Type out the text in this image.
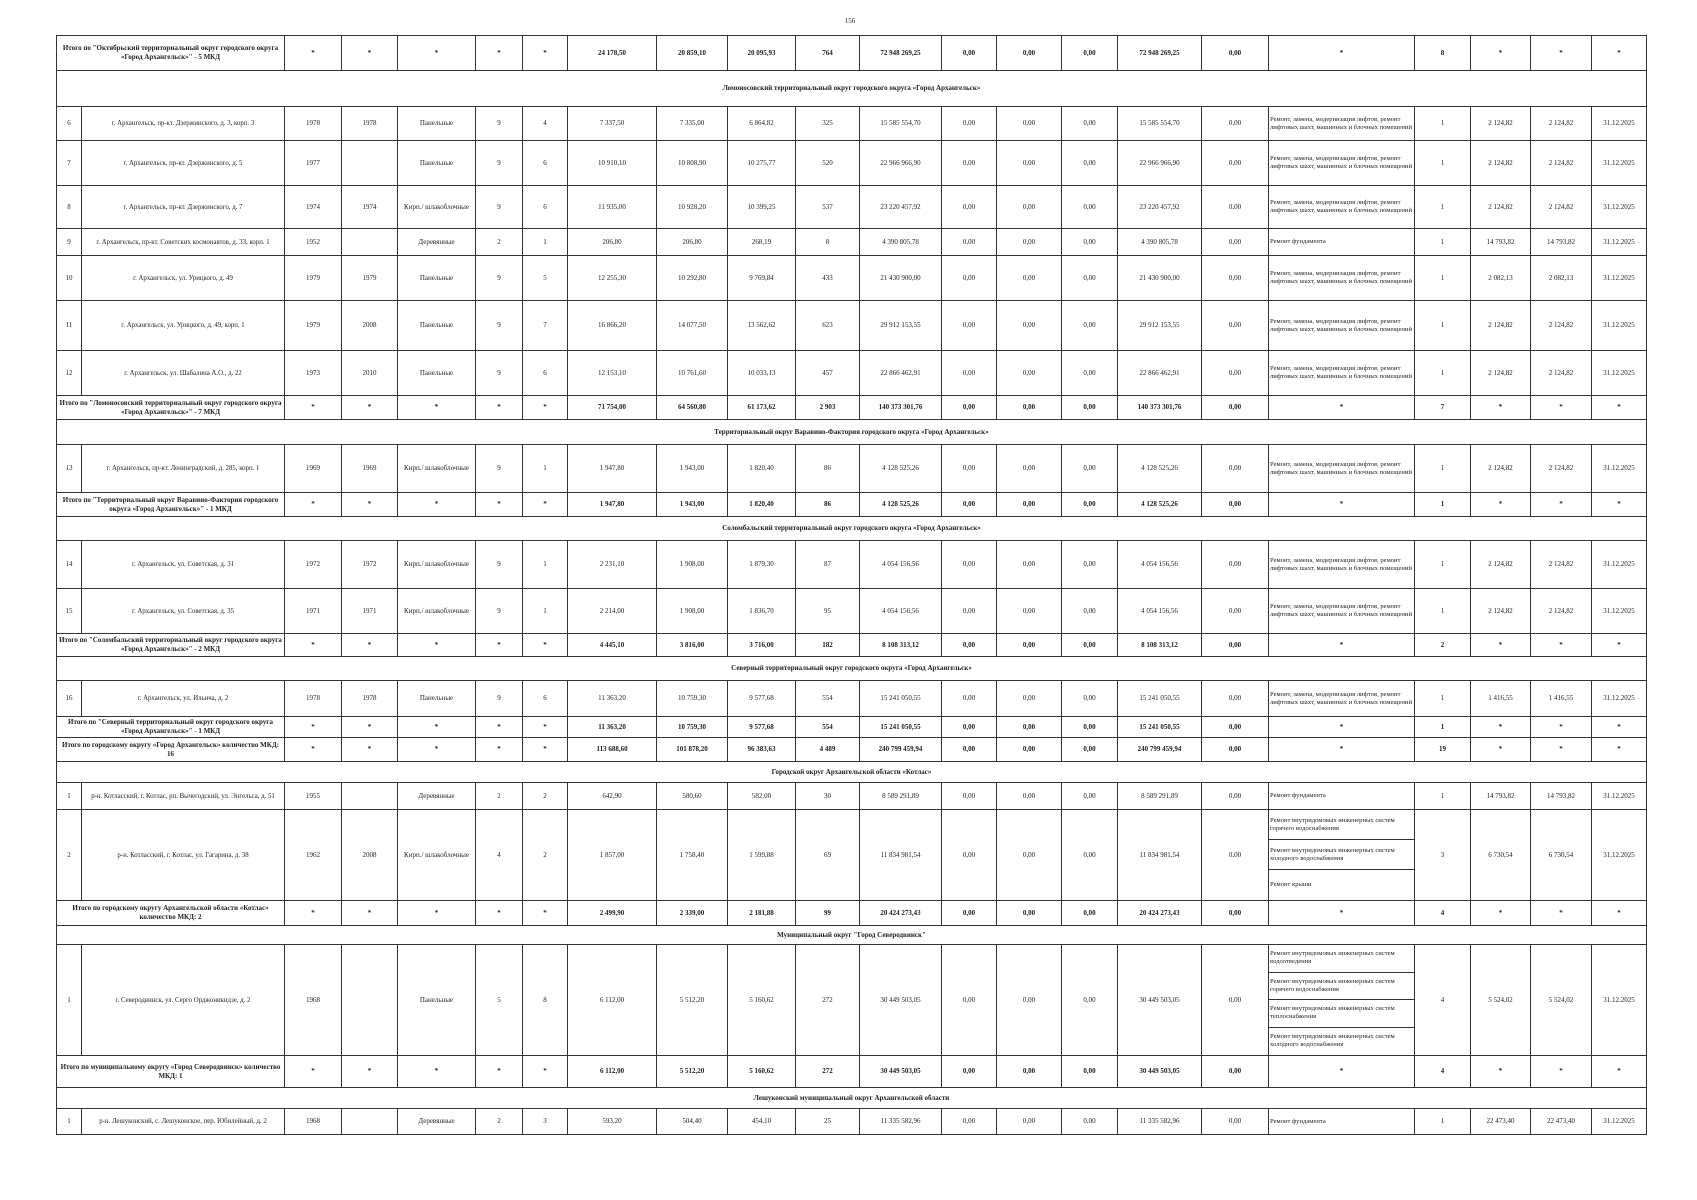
156
Итого по "Октябрьский территориальный округ городского округа «Город Архангельск»" - 5 МКД		*	*	*	*	*	24 178,50	20 859,10	20 095,93	764	72 948 269,25	0,00	0,00	0,00	72 948 269,25	0,00	*	8	*	*	*
Ломоносовский территориальный округ городского округа «Город Архангельск»																					
6	г. Архангельск, пр-кт. Дзержинского, д. 3, корп. 3	1978	1978	Панельные	9	4	7 337,50	7 335,00	6 864,82	325	15 585 554,70	0,00	0,00	0,00	15 585 554,70	0,00	Ремонт, замена, модернизация лифтов, ремонт лифтовых шахт, машинных и блочных помещений	1	2 124,82	2 124,82	31.12.2025
7	г. Архангельск, пр-кт. Дзержинского, д. 5	1977		Панельные	9	6	10 910,10	10 808,90	10 275,77	520	22 966 966,90	0,00	0,00	0,00	22 966 966,90	0,00	Ремонт, замена, модернизация лифтов, ремонт лифтовых шахт, машинных и блочных помещений	1	2 124,82	2 124,82	31.12.2025
8	г. Архангельск, пр-кт. Дзержинского, д. 7	1974	1974	Кирп./ шлакоблочные	9	6	11 935,00	10 928,20	10 399,25	537	23 220 457,92	0,00	0,00	0,00	23 220 457,92	0,00	Ремонт, замена, модернизация лифтов, ремонт лифтовых шахт, машинных и блочных помещений	1	2 124,82	2 124,82	31.12.2025
9	г. Архангельск, пр-кт. Советских космонавтов, д. 33, корп. 1	1952		Деревянные	2	1	206,80	206,80	268,19	8	4 390 805,78	0,00	0,00	0,00	4 390 805,78	0,00	Ремонт фундамента	1	14 793,82	14 793,82	31.12.2025
10	г. Архангельск, ул. Урицкого, д. 49	1979	1979	Панельные	9	5	12 255,30	10 292,80	9 769,84	433	21 430 900,00	0,00	0,00	0,00	21 430 900,00	0,00	Ремонт, замена, модернизация лифтов, ремонт лифтовых шахт, машинных и блочных помещений	1	2 082,13	2 082,13	31.12.2025
11	г. Архангельск, ул. Урицкого, д. 49, корп. 1	1979	2008	Панельные	9	7	16 866,20	14 077,50	13 562,62	623	29 912 153,55	0,00	0,00	0,00	29 912 153,55	0,00	Ремонт, замена, модернизация лифтов, ремонт лифтовых шахт, машинных и блочных помещений	1	2 124,82	2 124,82	31.12.2025
12	г. Архангельск, ул. Шабалина А.О., д. 22	1973	2010	Панельные	9	6	12 153,10	10 761,60	10 033,13	457	22 866 462,91	0,00	0,00	0,00	22 866 462,91	0,00	Ремонт, замена, модернизация лифтов, ремонт лифтовых шахт, машинных и блочных помещений	1	2 124,82	2 124,82	31.12.2025
Итого по "Ломоносовский территориальный округ городского округа «Город Архангельск»" - 7 МКД		*	*	*	*	*	71 754,00	64 560,80	61 173,62	2 903	140 373 301,76	0,00	0,00	0,00	140 373 301,76	0,00	*	7	*	*	*
Территориальный округ Варавино-Фактория городского округа «Город Архангельск»																					
13	г. Архангельск, пр-кт. Ленинградский, д. 285, корп. 1	1969	1969	Кирп./ шлакоблочные	9	1	1 947,80	1 943,00	1 820,40	86	4 128 525,26	0,00	0,00	0,00	4 128 525,26	0,00	Ремонт, замена, модернизация лифтов, ремонт лифтовых шахт, машинных и блочных помещений	1	2 124,82	2 124,82	31.12.2025
Итого по "Территориальный округ Варавино-Фактория городского округа «Город Архангельск»" - 1 МКД		*	*	*	*	*	1 947,80	1 943,00	1 820,40	86	4 128 525,26	0,00	0,00	0,00	4 128 525,26	0,00	*	1	*	*	*
Соломбальский территориальный округ городского округа «Город Архангельск»																					
14	г. Архангельск, ул. Советская, д. 31	1972	1972	Кирп./ шлакоблочные	9	1	2 231,10	1 908,00	1 879,30	87	4 054 156,56	0,00	0,00	0,00	4 054 156,56	0,00	Ремонт, замена, модернизация лифтов, ремонт лифтовых шахт, машинных и блочных помещений	1	2 124,82	2 124,82	31.12.2025
15	г. Архангельск, ул. Советская, д. 35	1971	1971	Кирп./ шлакоблочные	9	1	2 214,00	1 908,00	1 836,70	95	4 054 156,56	0,00	0,00	0,00	4 054 156,56	0,00	Ремонт, замена, модернизация лифтов, ремонт лифтовых шахт, машинных и блочных помещений	1	2 124,82	2 124,82	31.12.2025
Итого по "Соломбальский территориальный округ городского округа «Город Архангельск»" - 2 МКД		*	*	*	*	*	4 445,10	3 816,00	3 716,00	182	8 108 313,12	0,00	0,00	0,00	8 108 313,12	0,00	*	2	*	*	*
Северный территориальный округ городского округа «Город Архангельск»																					
16	г. Архангельск, ул. Ильича, д. 2	1978	1978	Панельные	9	6	11 363,20	10 759,30	9 577,68	554	15 241 050,55	0,00	0,00	0,00	15 241 050,55	0,00	Ремонт, замена, модернизация лифтов, ремонт лифтовых шахт, машинных и блочных помещений	1	1 416,55	1 416,55	31.12.2025
Итого по "Северный территориальный округ городского округа «Город Архангельск»" - 1 МКД		*	*	*	*	*	11 363,20	10 759,30	9 577,68	554	15 241 050,55	0,00	0,00	0,00	15 241 050,55	0,00	*	1	*	*	*
Итого по городскому округу «Город Архангельск» количество МКД: 16		*	*	*	*	*	113 688,60	101 878,20	96 383,63	4 489	240 799 459,94	0,00	0,00	0,00	240 799 459,94	0,00	*	19	*	*	*
Городской округ Архангельской области «Котлас»																					
1	р-н. Котласский, г. Котлас, рп. Вычегодский, ул. Энгельса, д. 51	1955		Деревянные	2	2	642,90	580,60	582,00	30	8 589 291,89	0,00	0,00	0,00	8 589 291,89	0,00	Ремонт фундамента	1	14 793,82	14 793,82	31.12.2025
2	р-н. Котласский, г. Котлас, ул. Гагарина, д. 38	1962	2008	Кирп./ шлакоблочные	4	2	1 857,00	1 758,40	1 599,88	69	11 834 981,54	0,00	0,00	0,00	11 834 981,54	0,00	Ремонт внутридомовых инженерных систем горячего водоснабжения
Ремонт внутридомовых инженерных систем холодного водоснабжения
Ремонт крыши	3	6 730,54	6 730,54	31.12.2025
Итого по городскому округу Архангельской области «Котлас» количество МКД: 2		*	*	*	*	*	2 499,90	2 339,00	2 181,88	99	20 424 273,43	0,00	0,00	0,00	20 424 273,43	0,00	*	4	*	*	*
Муниципальный округ "Город Северодвинск"																					
1	г. Северодвинск, ул. Серго Орджоникидзе, д. 2	1968		Панельные	5	8	6 112,00	5 512,20	5 160,62	272	30 449 503,05	0,00	0,00	0,00	30 449 503,05	0,00	Ремонт внутридомовых инженерных систем водоотведения
Ремонт внутридомовых инженерных систем горячего водоснабжения
Ремонт внутридомовых инженерных систем теплоснабжения
Ремонт внутридомовых инженерных систем холодного водоснабжения	4	5 524,02	5 524,02	31.12.2025
Итого по муниципальному округу «Город Северодвинск» количество МКД: 1		*	*	*	*	*	6 112,00	5 512,20	5 160,62	272	30 449 503,05	0,00	0,00	0,00	30 449 503,05	0,00	*	4	*	*	*
Лешуконский муниципальный округ Архангельской области																					
1	р-н. Лешуконский, с. Лешуконское, пер. Юбилейный, д. 2	1968		Деревянные	2	3	593,20	504,40	454,10	25	11 335 582,96	0,00	0,00	0,00	11 335 582,96	0,00	Ремонт фундамента	1	22 473,40	22 473,40	31.12.2025
